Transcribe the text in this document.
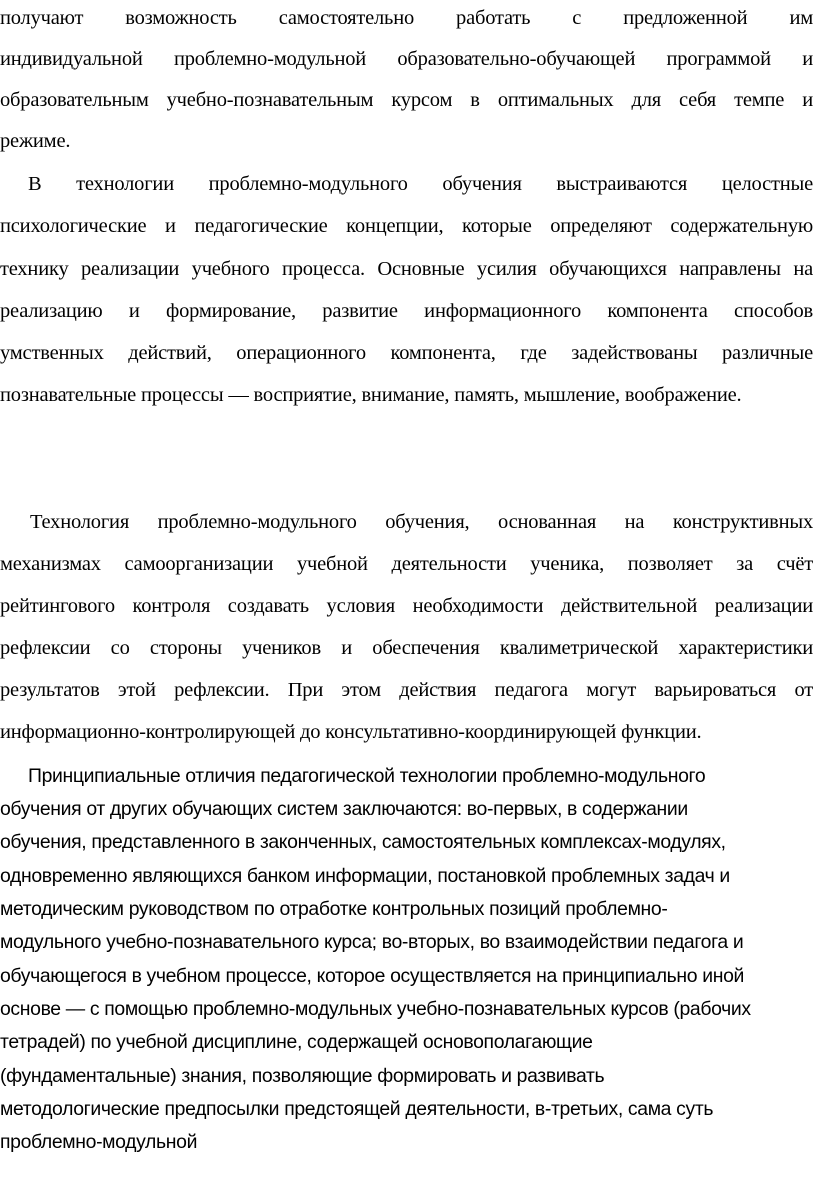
получают возможность самостоятельно работать с предложенной им
индивидуальной проблемно-модульной образовательно-обучающей программой и
образовательным учебно-познавательным курсом в оптимальных для себя темпе и
режиме.
В технологии проблемно-модульного обучения выстраиваются целостные
психологические и педагогические концепции, которые определяют содержательную
технику реализации учебного процесса. Основные усилия обучающихся направлены на
реализацию и формирование, развитие информационного компонента способов
умственных действий, операционного компонента, где задействованы различные
познавательные процессы — восприятие, внимание, память, мышление, воображение.
Технология проблемно-модульного обучения, основанная на конструктивных
механизмах самоорганизации учебной деятельности ученика, позволяет за счёт
рейтингового контроля создавать условия необходимости действительной реализации
рефлексии со стороны учеников и обеспечения квалиметрической характеристики
результатов этой рефлексии. При этом действия педагога могут варьироваться от
информационно-контролирующей до консультативно-координирующей функции.
Принципиальные отличия педагогической технологии проблемно-модульного
обучения от других обучающих систем заключаются: во-первых, в содержании
обучения, представленного в законченных, самостоятельных комплексах-модулях,
одновременно являющихся банком информации, постановкой проблемных задач и
методическим руководством по отработке контрольных позиций проблемно-
модульного учебно-познавательного курса; во-вторых, во взаимодействии педагога и
обучающегося в учебном процессе, которое осуществляется на принципиально иной
основе — с помощью проблемно-модульных учебно-познавательных курсов (рабочих
тетрадей) по учебной дисциплине, содержащей основополагающие
(фундаментальные) знания, позволяющие формировать и развивать
методологические предпосылки предстоящей деятельности, в-третьих, сама суть
проблемно-модульной
